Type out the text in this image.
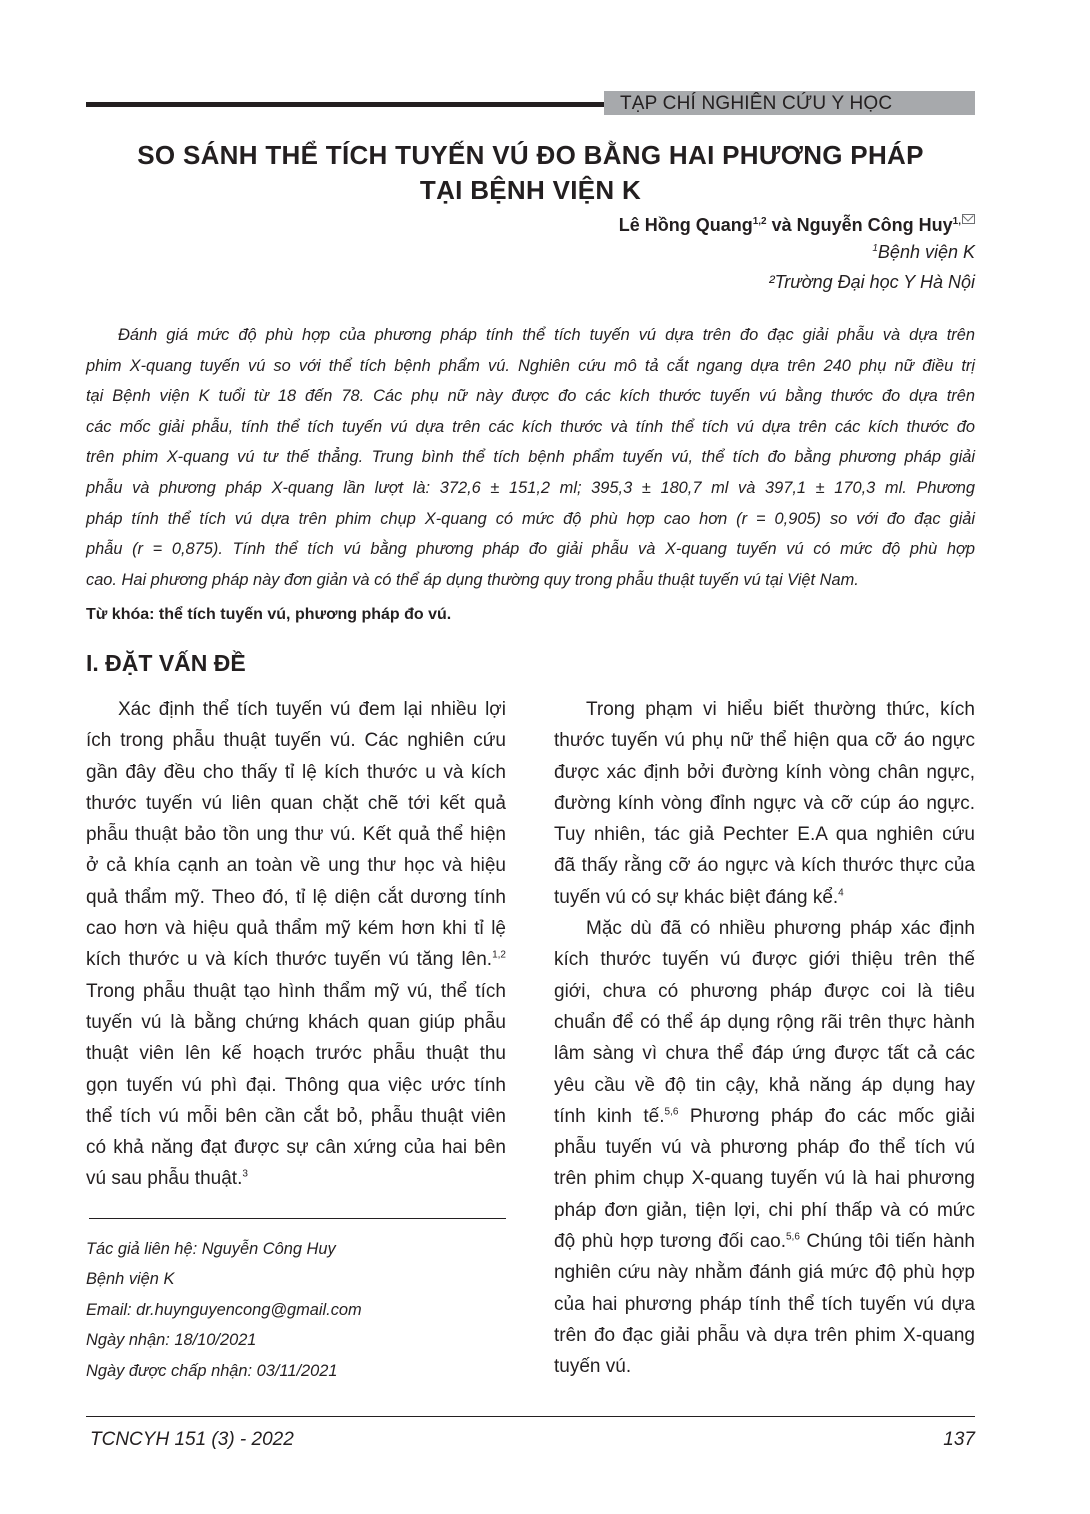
TẠP CHÍ NGHIÊN CỨU Y HỌC
SO SÁNH THỂ TÍCH TUYẾN VÚ ĐO BẰNG HAI PHƯƠNG PHÁP
TẠI BỆNH VIỆN K
Lê Hồng Quang$^{1,2}$ và Nguyễn Công Huy$^{1,}$
$^1$Bệnh viện K
²Trường Đại học Y Hà Nội
Đánh giá mức độ phù hợp của phương pháp tính thể tích tuyến vú dựa trên đo đạc giải phẫu và dựa trên
phim X-quang tuyến vú so với thể tích bệnh phẩm vú. Nghiên cứu mô tả cắt ngang dựa trên 240 phụ nữ điều trị
tại Bệnh viện K tuổi từ 18 đến 78. Các phụ nữ này được đo các kích thước tuyến vú bằng thước đo dựa trên
các mốc giải phẫu, tính thể tích tuyến vú dựa trên các kích thước và tính thể tích vú dựa trên các kích thước đo
trên phim X-quang vú tư thế thẳng. Trung bình thể tích bệnh phẩm tuyến vú, thể tích đo bằng phương pháp giải
phẫu và phương pháp X-quang lần lượt là: 372,6 ± 151,2 ml; 395,3 ± 180,7 ml và 397,1 ± 170,3 ml. Phương
pháp tính thể tích vú dựa trên phim chụp X-quang có mức độ phù hợp cao hơn (r = 0,905) so với đo đạc giải
phẫu (r = 0,875). Tính thể tích vú bằng phương pháp đo giải phẫu và X-quang tuyến vú có mức độ phù hợp
cao. Hai phương pháp này đơn giản và có thể áp dụng thường quy trong phẫu thuật tuyến vú tại Việt Nam.
Từ khóa: thể tích tuyến vú, phương pháp đo vú.
I. ĐẶT VẤN ĐỀ
Xác định thể tích tuyến vú đem lại nhiều lợi
ích trong phẫu thuật tuyến vú. Các nghiên cứu
gần đây đều cho thấy tỉ lệ kích thước u và kích
thước tuyến vú liên quan chặt chẽ tới kết quả
phẫu thuật bảo tồn ung thư vú. Kết quả thể hiện
ở cả khía cạnh an toàn về ung thư học và hiệu
quả thẩm mỹ. Theo đó, tỉ lệ diện cắt dương tính
cao hơn và hiệu quả thẩm mỹ kém hơn khi tỉ lệ
kích thước u và kích thước tuyến vú tăng lên.$^{1,2}$
Trong phẫu thuật tạo hình thẩm mỹ vú, thể tích
tuyến vú là bằng chứng khách quan giúp phẫu
thuật viên lên kế hoạch trước phẫu thuật thu
gọn tuyến vú phì đại. Thông qua việc ước tính
thể tích vú mỗi bên cần cắt bỏ, phẫu thuật viên
có khả năng đạt được sự cân xứng của hai bên
vú sau phẫu thuật.$^3$
Tác giả liên hệ: Nguyễn Công Huy
Bệnh viện K
Email: dr.huynguyencong@gmail.com
Ngày nhận: 18/10/2021
Ngày được chấp nhận: 03/11/2021
Trong phạm vi hiểu biết thường thức, kích
thước tuyến vú phụ nữ thể hiện qua cỡ áo ngực
được xác định bởi đường kính vòng chân ngực,
đường kính vòng đỉnh ngực và cỡ cúp áo ngực.
Tuy nhiên, tác giả Pechter E.A qua nghiên cứu
đã thấy rằng cỡ áo ngực và kích thước thực của
tuyến vú có sự khác biệt đáng kể.$^4$
Mặc dù đã có nhiều phương pháp xác định
kích thước tuyến vú được giới thiệu trên thế
giới, chưa có phương pháp được coi là tiêu
chuẩn để có thể áp dụng rộng rãi trên thực hành
lâm sàng vì chưa thể đáp ứng được tất cả các
yêu cầu về độ tin cậy, khả năng áp dụng hay
tính kinh tế.$^{5,6}$ Phương pháp đo các mốc giải
phẫu tuyến vú và phương pháp đo thể tích vú
trên phim chụp X-quang tuyến vú là hai phương
pháp đơn giản, tiện lợi, chi phí thấp và có mức
độ phù hợp tương đối cao.$^{5,6}$ Chúng tôi tiến hành
nghiên cứu này nhằm đánh giá mức độ phù hợp
của hai phương pháp tính thể tích tuyến vú dựa
trên đo đạc giải phẫu và dựa trên phim X-quang
tuyến vú.
TCNCYH 151 (3) - 2022	137
